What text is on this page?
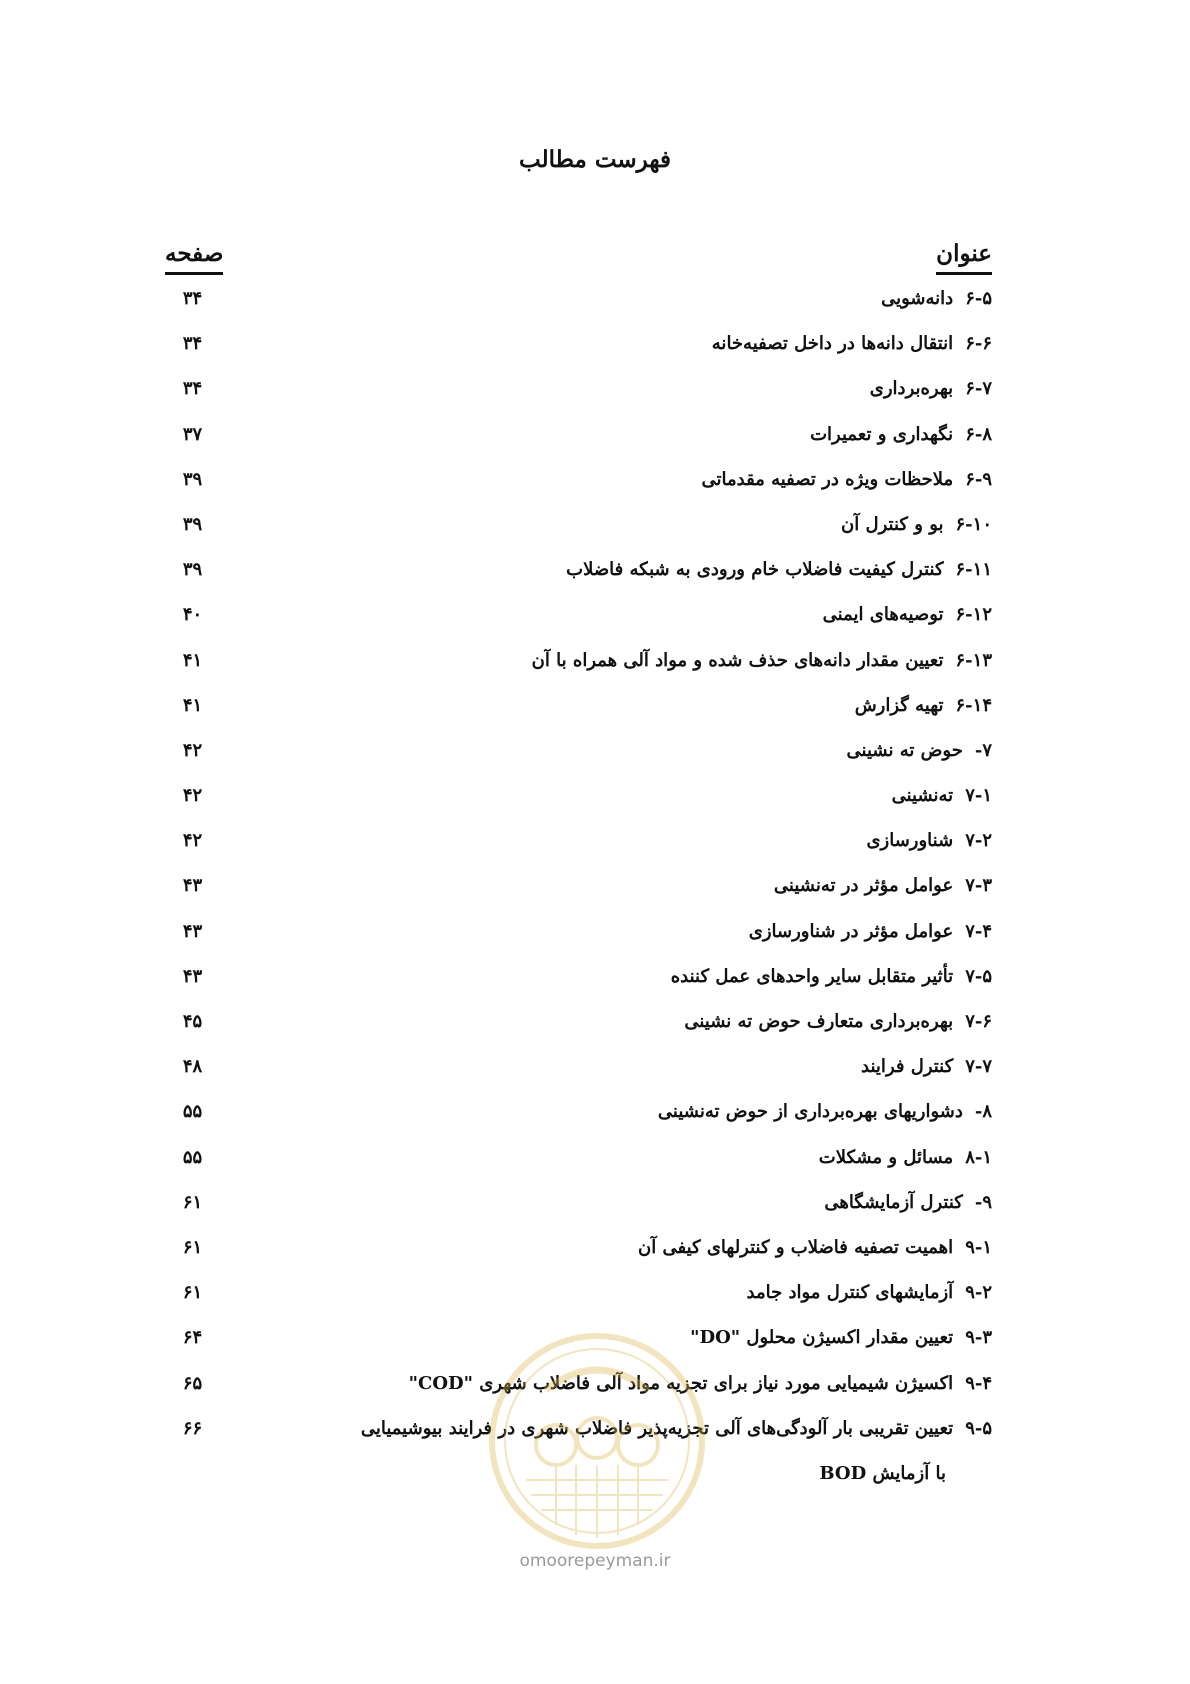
فهرست مطالب
عنوان
صفحه
۶-۵دانه‌شویی
۳۴
۶-۶انتقال دانه‌ها در داخل تصفیه‌خانه
۳۴
۶-۷بهره‌برداری
۳۴
۶-۸نگهداری و تعمیرات
۳۷
۶-۹ملاحظات ویژه در تصفیه مقدماتی
۳۹
۶-۱۰بو و کنترل آن
۳۹
۶-۱۱کنترل کیفیت فاضلاب خام ورودی به شبکه فاضلاب
۳۹
۶-۱۲توصیه‌های ایمنی
۴۰
۶-۱۳تعیین مقدار دانه‌های حذف شده و مواد آلی همراه با آن
۴۱
۶-۱۴تهیه گزارش
۴۱
۷-حوض ته نشینی
۴۲
۷-۱ته‌نشینی
۴۲
۷-۲شناورسازی
۴۲
۷-۳عوامل مؤثر در ته‌نشینی
۴۳
۷-۴عوامل مؤثر در شناورسازی
۴۳
۷-۵تأثیر متقابل سایر واحدهای عمل کننده
۴۳
۷-۶بهره‌برداری متعارف حوض ته نشینی
۴۵
۷-۷کنترل فرایند
۴۸
۸-دشواریهای بهره‌برداری از حوض ته‌نشینی
۵۵
۸-۱مسائل و مشکلات
۵۵
۹-کنترل آزمایشگاهی
۶۱
۹-۱اهمیت تصفیه فاضلاب و کنترلهای کیفی آن
۶۱
۹-۲آزمایشهای کنترل مواد جامد
۶۱
۹-۳تعیین مقدار اکسیژن محلول "DO"
۶۴
۹-۴اکسیژن شیمیایی مورد نیاز برای تجزیه مواد آلی فاضلاب شهری "COD"
۶۵
۹-۵تعیین تقریبی بار آلودگی‌های آلی تجزیه‌پذیر فاضلاب شهری در فرایند بیوشیمیایی
با آزمایش BOD
۶۶
omoorepeyman.ir
